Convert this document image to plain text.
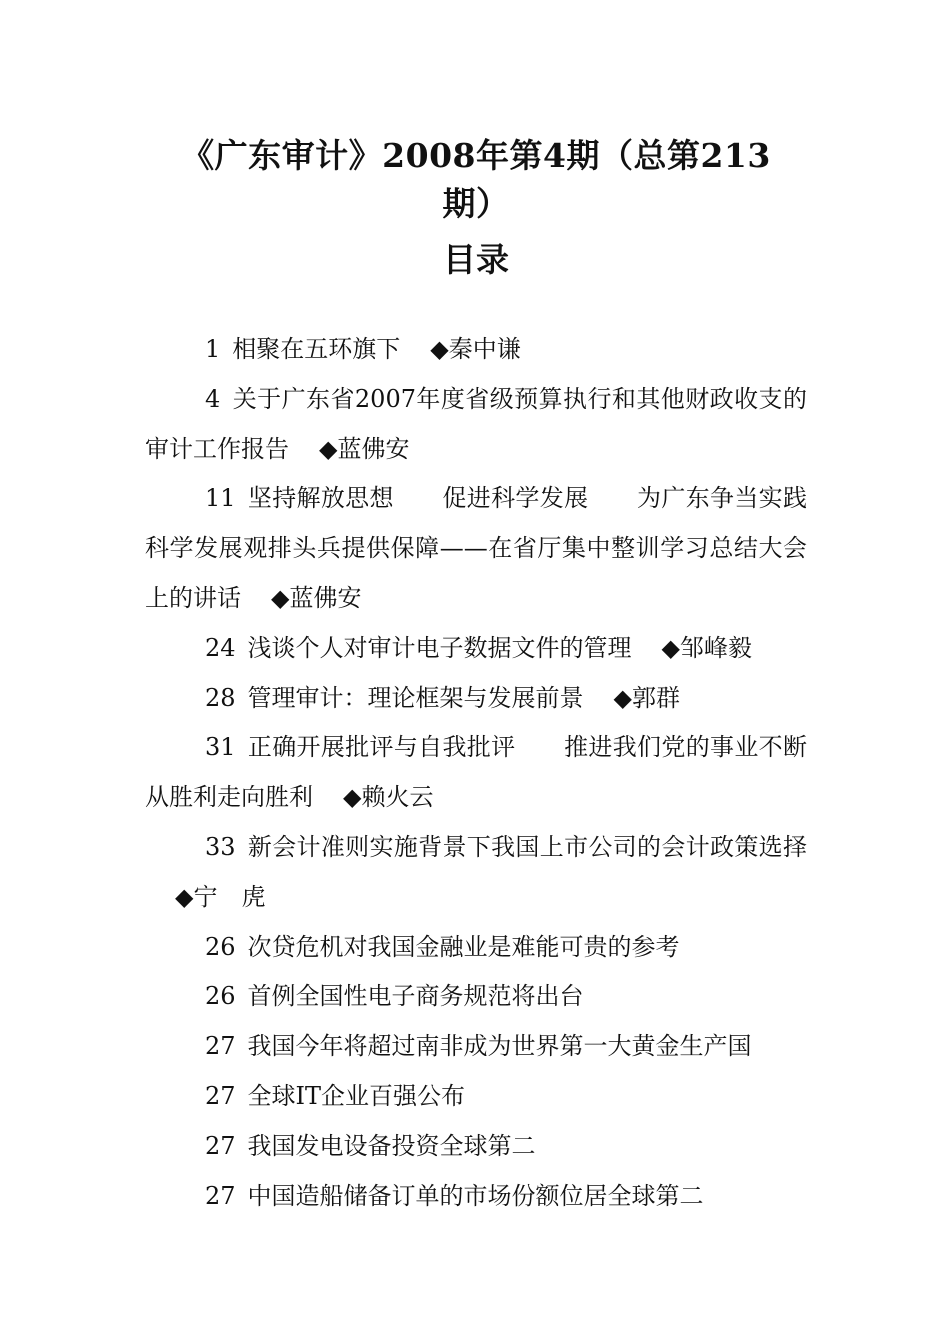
《广东审计》2008年第4期（总第213
期）
目录

1 相聚在五环旗下 ◆秦中谦

4 关于广东省2007年度省级预算执行和其他财政收支的审计工作报告 ◆蓝佛安

11 坚持解放思想　　促进科学发展　　为广东争当实践科学发展观排头兵提供保障——在省厅集中整训学习总结大会上的讲话 ◆蓝佛安

24 浅谈个人对审计电子数据文件的管理 ◆邹峰毅

28 管理审计：理论框架与发展前景 ◆郭群

31 正确开展批评与自我批评　　推进我们党的事业不断从胜利走向胜利 ◆赖火云

33 新会计准则实施背景下我国上市公司的会计政策选择◆宁　虎

26 次贷危机对我国金融业是难能可贵的参考

26 首例全国性电子商务规范将出台

27 我国今年将超过南非成为世界第一大黄金生产国

27 全球IT企业百强公布

27 我国发电设备投资全球第二

27 中国造船储备订单的市场份额位居全球第二
